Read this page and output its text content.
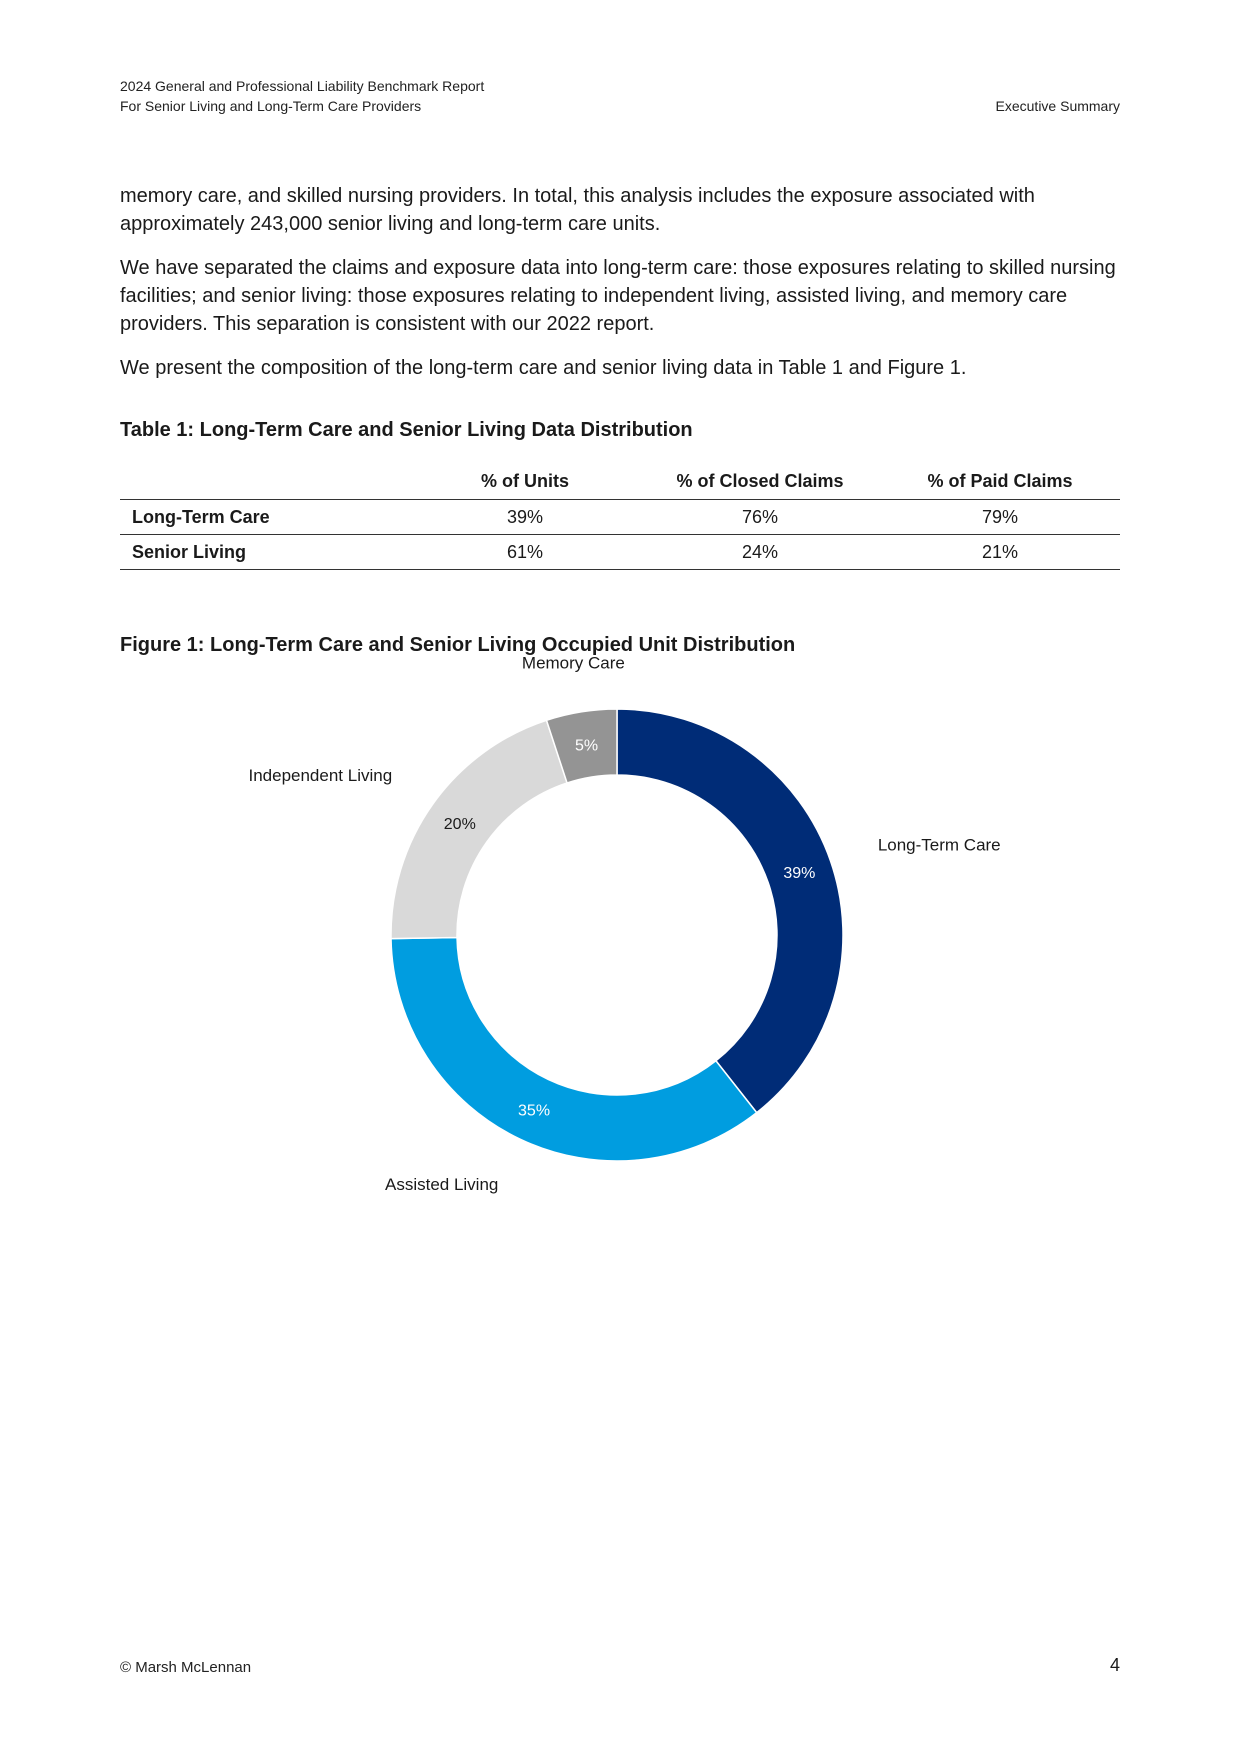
2024 General and Professional Liability Benchmark Report
For Senior Living and Long-Term Care Providers	Executive Summary

memory care, and skilled nursing providers. In total, this analysis includes the exposure associated with approximately 243,000 senior living and long-term care units.

We have separated the claims and exposure data into long-term care: those exposures relating to skilled nursing facilities; and senior living: those exposures relating to independent living, assisted living, and memory care providers. This separation is consistent with our 2022 report.

We present the composition of the long-term care and senior living data in Table 1 and Figure 1.

Table 1: Long-Term Care and Senior Living Data Distribution
	% of Units	% of Closed Claims	% of Paid Claims
Long-Term Care	39%	76%	79%
Senior Living	61%	24%	21%
Figure 1: Long-Term Care and Senior Living Occupied Unit Distribution
39%
35%
20%
5%
Long-Term Care
Assisted Living
Independent Living
Memory Care
© Marsh McLennan	4
